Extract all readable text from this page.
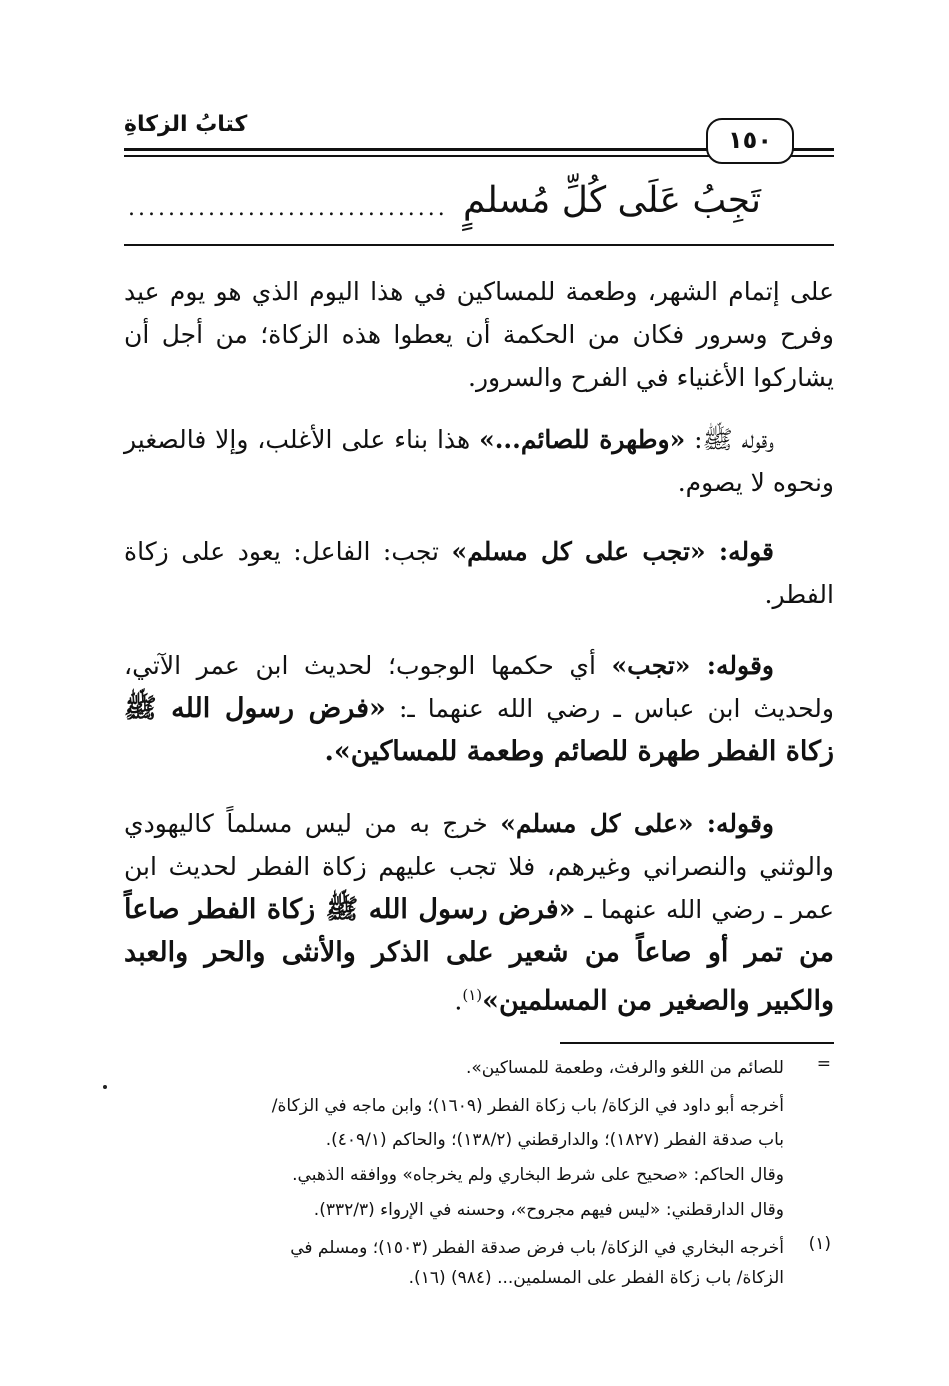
كتابُ الزكاةِ
١٥٠
تَجِبُ عَلَى كُلِّ مُسلمٍ
................................
على إتمام الشهر، وطعمة للمساكين في هذا اليوم الذي هو يوم عيد وفرح وسرور فكان من الحكمة أن يعطوا هذه الزكاة؛ من أجل أن يشاركوا الأغنياء في الفرح والسرور.
وقوله ﷺ: «وطهرة للصائم...» هذا بناء على الأغلب، وإلا فالصغير ونحوه لا يصوم.
قوله: «تجب على كل مسلم» تجب: الفاعل: يعود على زكاة الفطر.
وقوله: «تجب» أي حكمها الوجوب؛ لحديث ابن عمر الآتي، ولحديث ابن عباس ـ رضي الله عنهما ـ: «فرض رسول الله ﷺ زكاة الفطر طهرة للصائم وطعمة للمساكين».
وقوله: «على كل مسلم» خرج به من ليس مسلماً كاليهودي والوثني والنصراني وغيرهم، فلا تجب عليهم زكاة الفطر لحديث ابن عمر ـ رضي الله عنهما ـ «فرض رسول الله ﷺ زكاة الفطر صاعاً من تمر أو صاعاً من شعير على الذكر والأنثى والحر والعبد والكبير والصغير من المسلمين»$^{(١)}$.
=
للصائم من اللغو والرفث، وطعمة للمساكين».
أخرجه أبو داود في الزكاة/ باب زكاة الفطر (١٦٠٩)؛ وابن ماجه في الزكاة/
باب صدقة الفطر (١٨٢٧)؛ والدارقطني (١٣٨/٢)؛ والحاكم (٤٠٩/١).
وقال الحاكم: «صحيح على شرط البخاري ولم يخرجاه» ووافقه الذهبي.
وقال الدارقطني: «ليس فيهم مجروح»، وحسنه في الإرواء (٣٣٢/٣).
(١)
أخرجه البخاري في الزكاة/ باب فرض صدقة الفطر (١٥٠٣)؛ ومسلم في
الزكاة/ باب زكاة الفطر على المسلمين... (٩٨٤) (١٦).
